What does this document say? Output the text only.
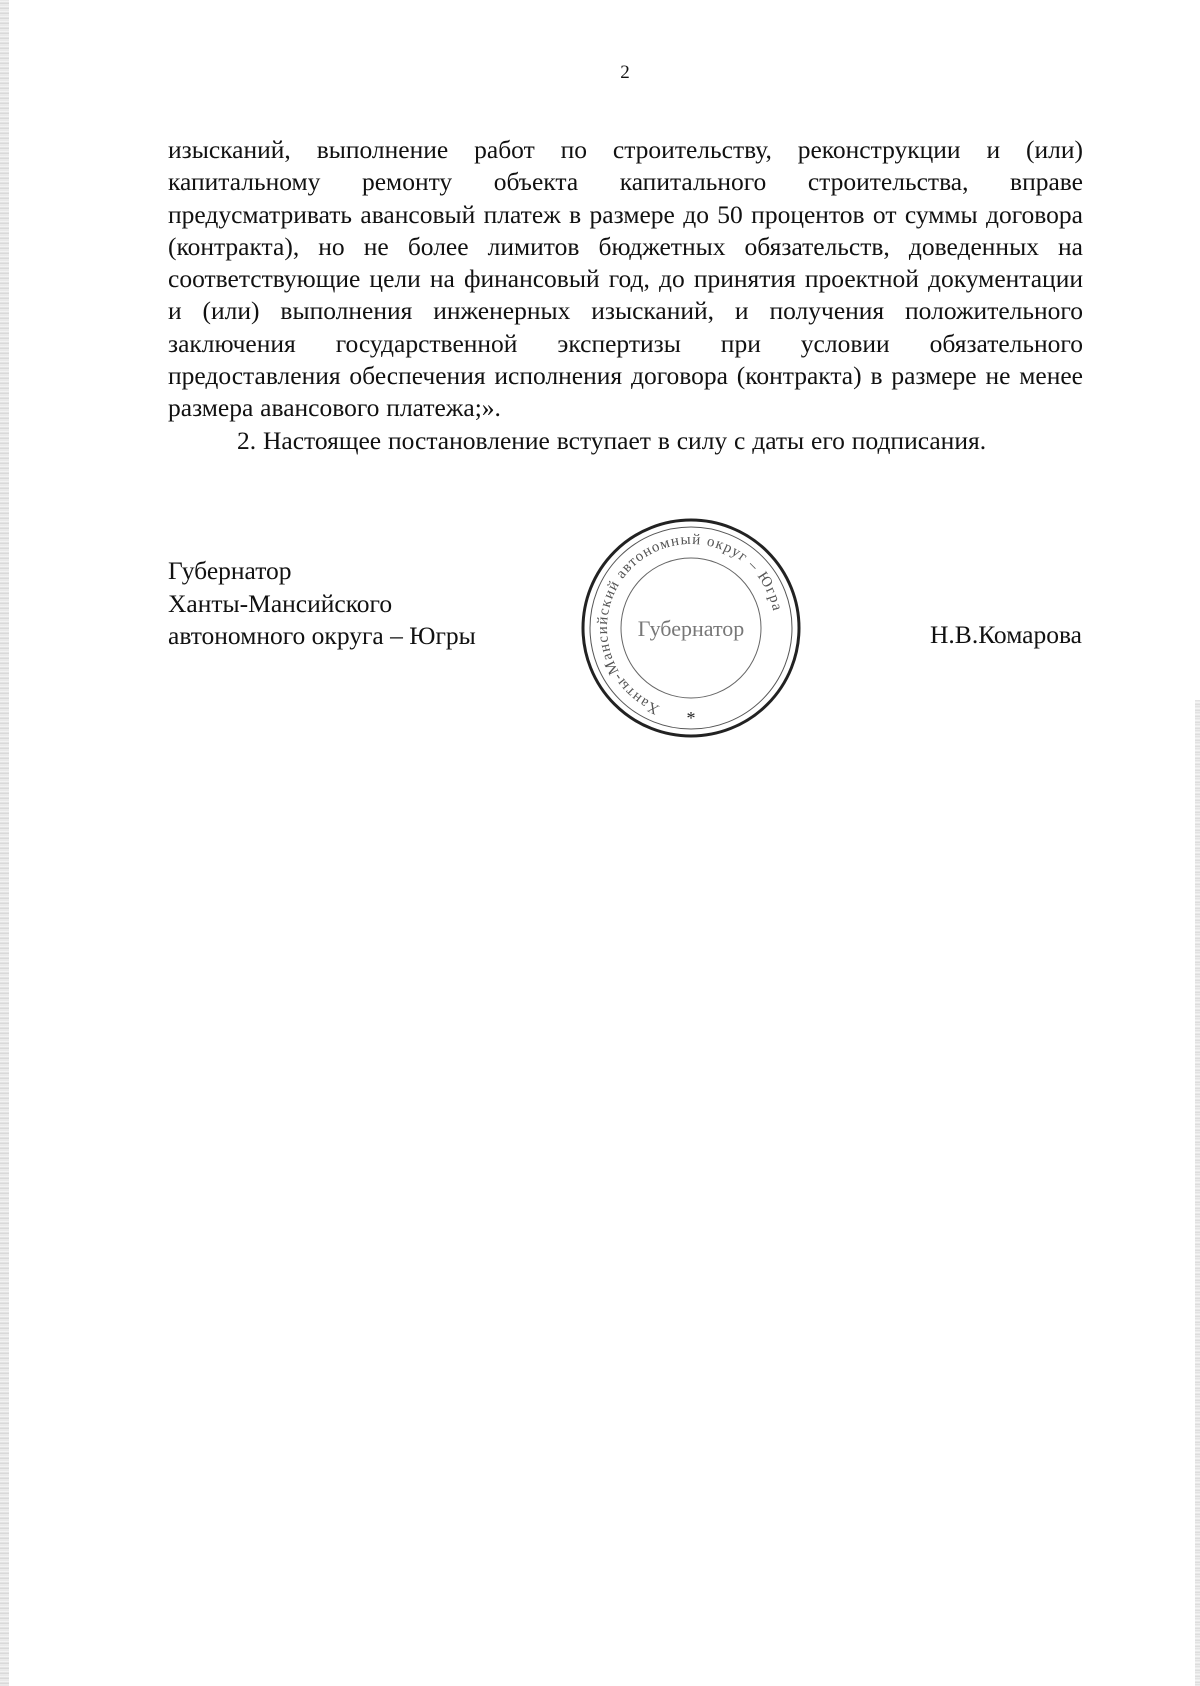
2

изысканий, выполнение работ по строительству, реконструкции и (или) капитальному ремонту объекта капитального строительства, вправе предусматривать авансовый платеж в размере до 50 процентов от суммы договора (контракта), но не более лимитов бюджетных обязательств, доведенных на соответствующие цели на финансовый год, до принятия проектной документации и (или) выполнения инженерных изысканий, и получения положительного заключения государственной экспертизы при условии обязательного предоставления обеспечения исполнения договора (контракта) в размере не менее размера авансового платежа;».

2. Настоящее постановление вступает в силу с даты его подписания.

Губернатор
Ханты-Мансийского
автономного округа – Югры
Ханты-Мансийский автономный округ – Югра
Губернатор
*
Н.В.Комарова
